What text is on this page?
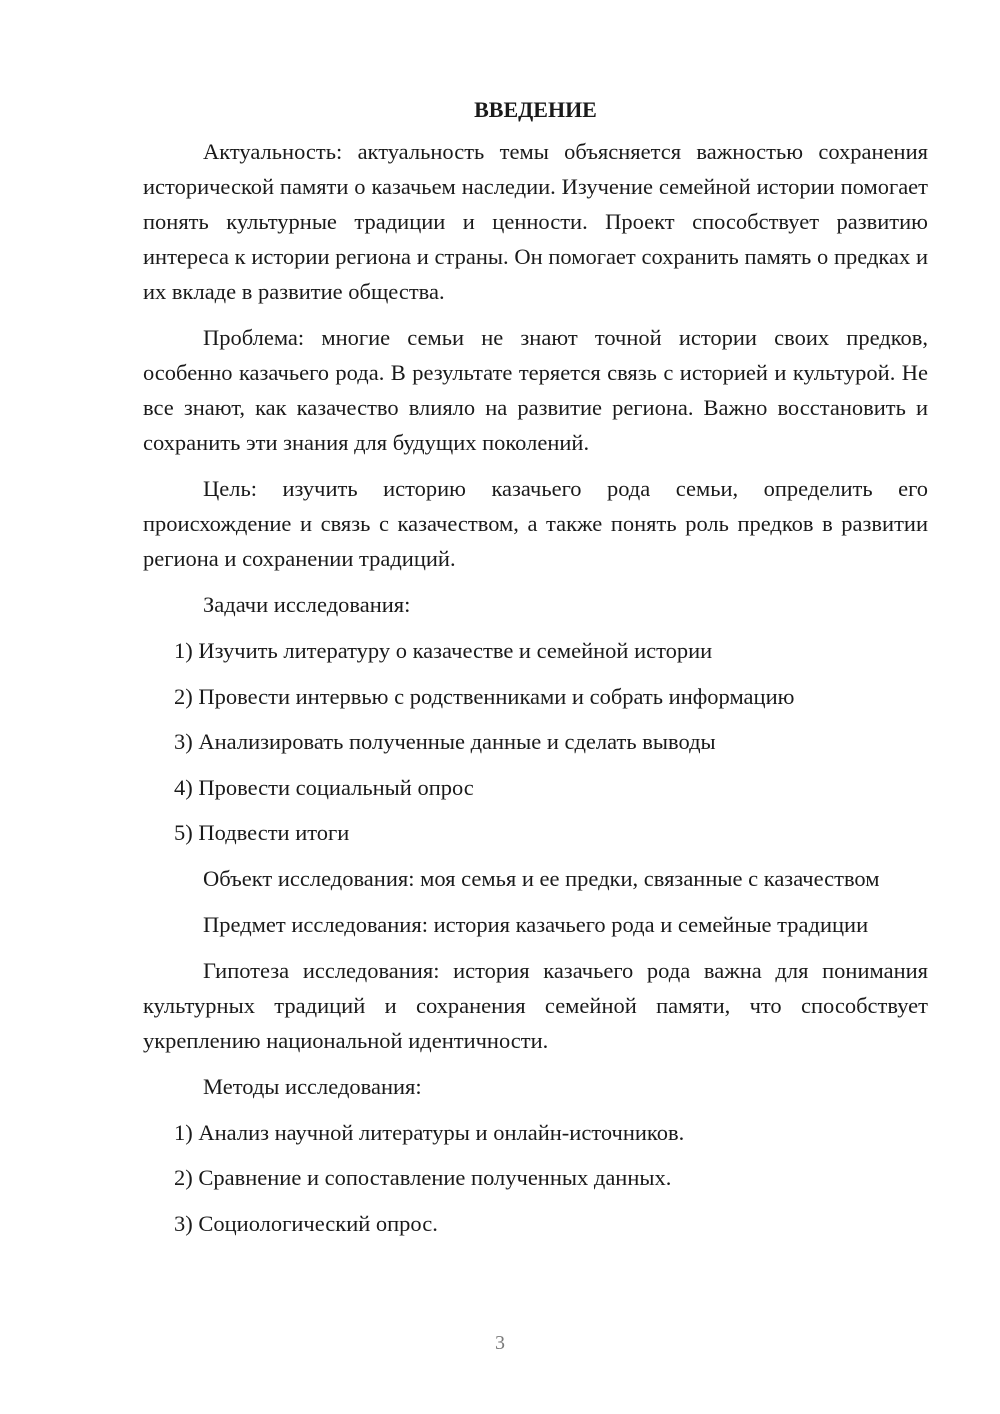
ВВЕДЕНИЕ

Актуальность: актуальность темы объясняется важностью сохранения исторической памяти о казачьем наследии. Изучение семейной истории помогает понять культурные традиции и ценности. Проект способствует развитию интереса к истории региона и страны. Он помогает сохранить память о предках и их вкладе в развитие общества.

Проблема: многие семьи не знают точной истории своих предков, особенно казачьего рода. В результате теряется связь с историей и культурой. Не все знают, как казачество влияло на развитие региона. Важно восстановить и сохранить эти знания для будущих поколений.

Цель: изучить историю казачьего рода семьи, определить его происхождение и связь с казачеством, а также понять роль предков в развитии региона и сохранении традиций.

Задачи исследования:

1) Изучить литературу о казачестве и семейной истории

2) Провести интервью с родственниками и собрать информацию

3) Анализировать полученные данные и сделать выводы

4) Провести социальный опрос

5) Подвести итоги

Объект исследования: моя семья и ее предки, связанные с казачеством

Предмет исследования: история казачьего рода и семейные традиции

Гипотеза исследования: история казачьего рода важна для понимания культурных традиций и сохранения семейной памяти, что способствует укреплению национальной идентичности.

Методы исследования:

1) Анализ научной литературы и онлайн-источников.

2) Сравнение и сопоставление полученных данных.

3) Социологический опрос.

3
